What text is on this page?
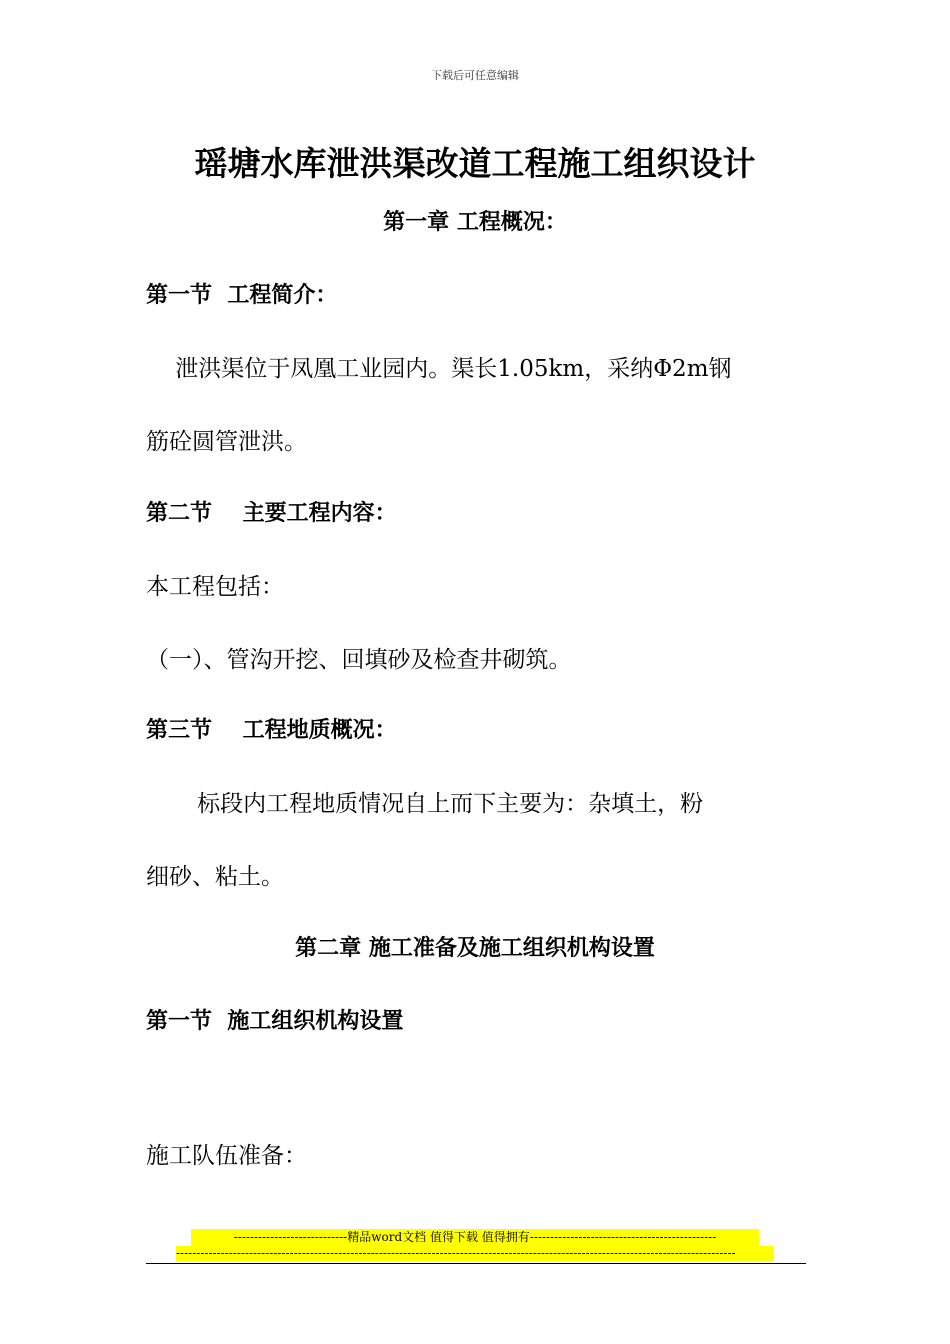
下载后可任意编辑
瑶塘水库泄洪渠改道工程施工组织设计
第一章 工程概况：
第一节  工程简介：
泄洪渠位于凤凰工业园内。渠长1.05km，采纳Φ2m钢
筋砼圆管泄洪。
第二节    主要工程内容：
本工程包括：
（一）、管沟开挖、回填砂及检查井砌筑。
第三节    工程地质概况：
标段内工程地质情况自上而下主要为：杂填土，粉
细砂、粘土。
第二章 施工准备及施工组织机构设置
第一节  施工组织机构设置
施工队伍准备：
----------------------------精品word文档 值得下载 值得拥有----------------------------------------------
------------------------------------------------------------------------------------------------------------------------------------------
